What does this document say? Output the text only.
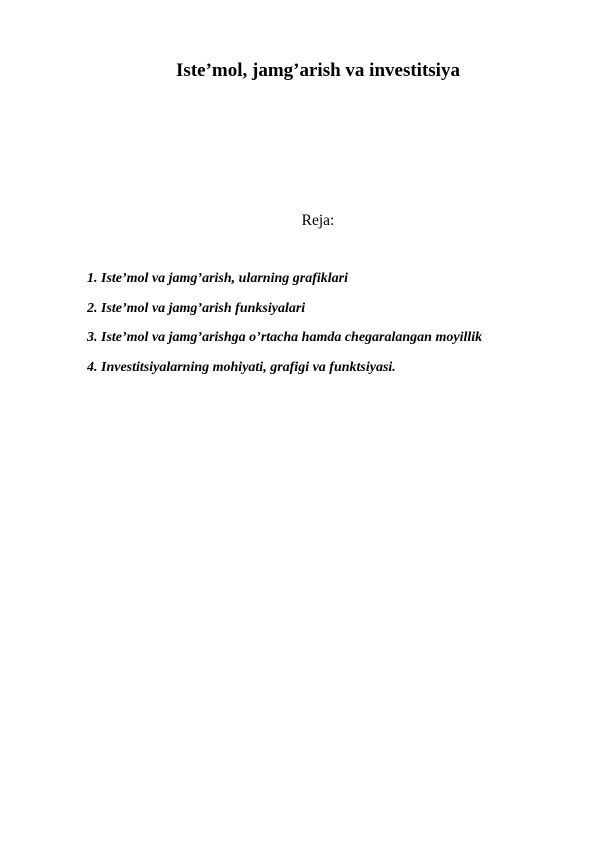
Iste’mol, jamg’arish va investitsiya
Reja:
1. Iste’mol va jamg’arish, ularning grafiklari
2. Iste’mol va jamg’arish funksiyalari
3. Iste’mol va jamg’arishga o’rtacha hamda chegaralangan moyillik
4. Investitsiyalarning mohiyati, grafigi va funktsiyasi.
